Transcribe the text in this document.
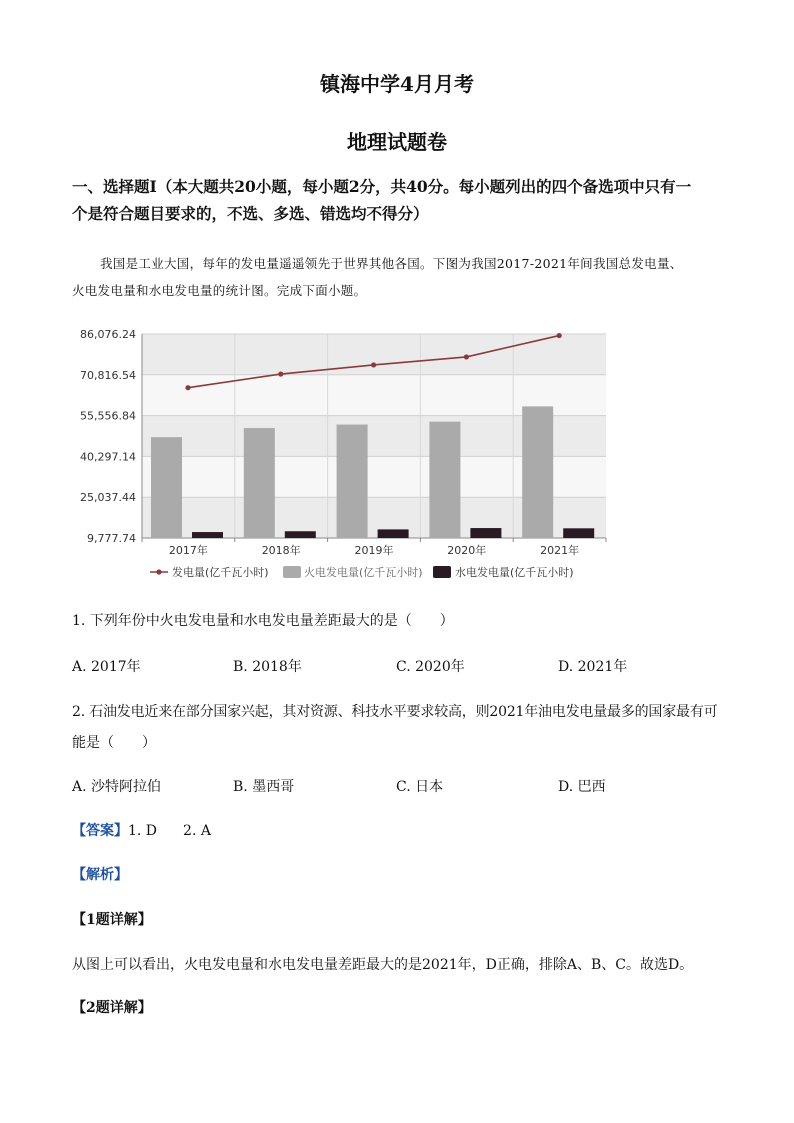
镇海中学4月月考
地理试题卷
一、选择题Ⅰ（本大题共20小题，每小题2分，共40分。每小题列出的四个备选项中只有一
个是符合题目要求的，不选、多选、错选均不得分）
我国是工业大国，每年的发电量遥遥领先于世界其他各国。下图为我国2017-2021年间我国总发电量、
火电发电量和水电发电量的统计图。完成下面小题。
86,076.24
70,816.54
55,556.84
40,297.14
25,037.44
9,777.74
2017年	2018年	2019年	2020年	2021年
发电量(亿千瓦小时)	火电发电量(亿千瓦小时)	水电发电量(亿千瓦小时)
1. 下列年份中火电发电量和水电发电量差距最大的是（　　）
A. 2017年	B. 2018年	C. 2020年	D. 2021年
2. 石油发电近来在部分国家兴起，其对资源、科技水平要求较高，则2021年油电发电量最多的国家最有可
能是（　　）
A. 沙特阿拉伯	B. 墨西哥	C. 日本	D. 巴西
【答案】1. D 2. A
【解析】
【1题详解】
从图上可以看出，火电发电量和水电发电量差距最大的是2021年，D正确，排除A、B、C。故选D。
【2题详解】
